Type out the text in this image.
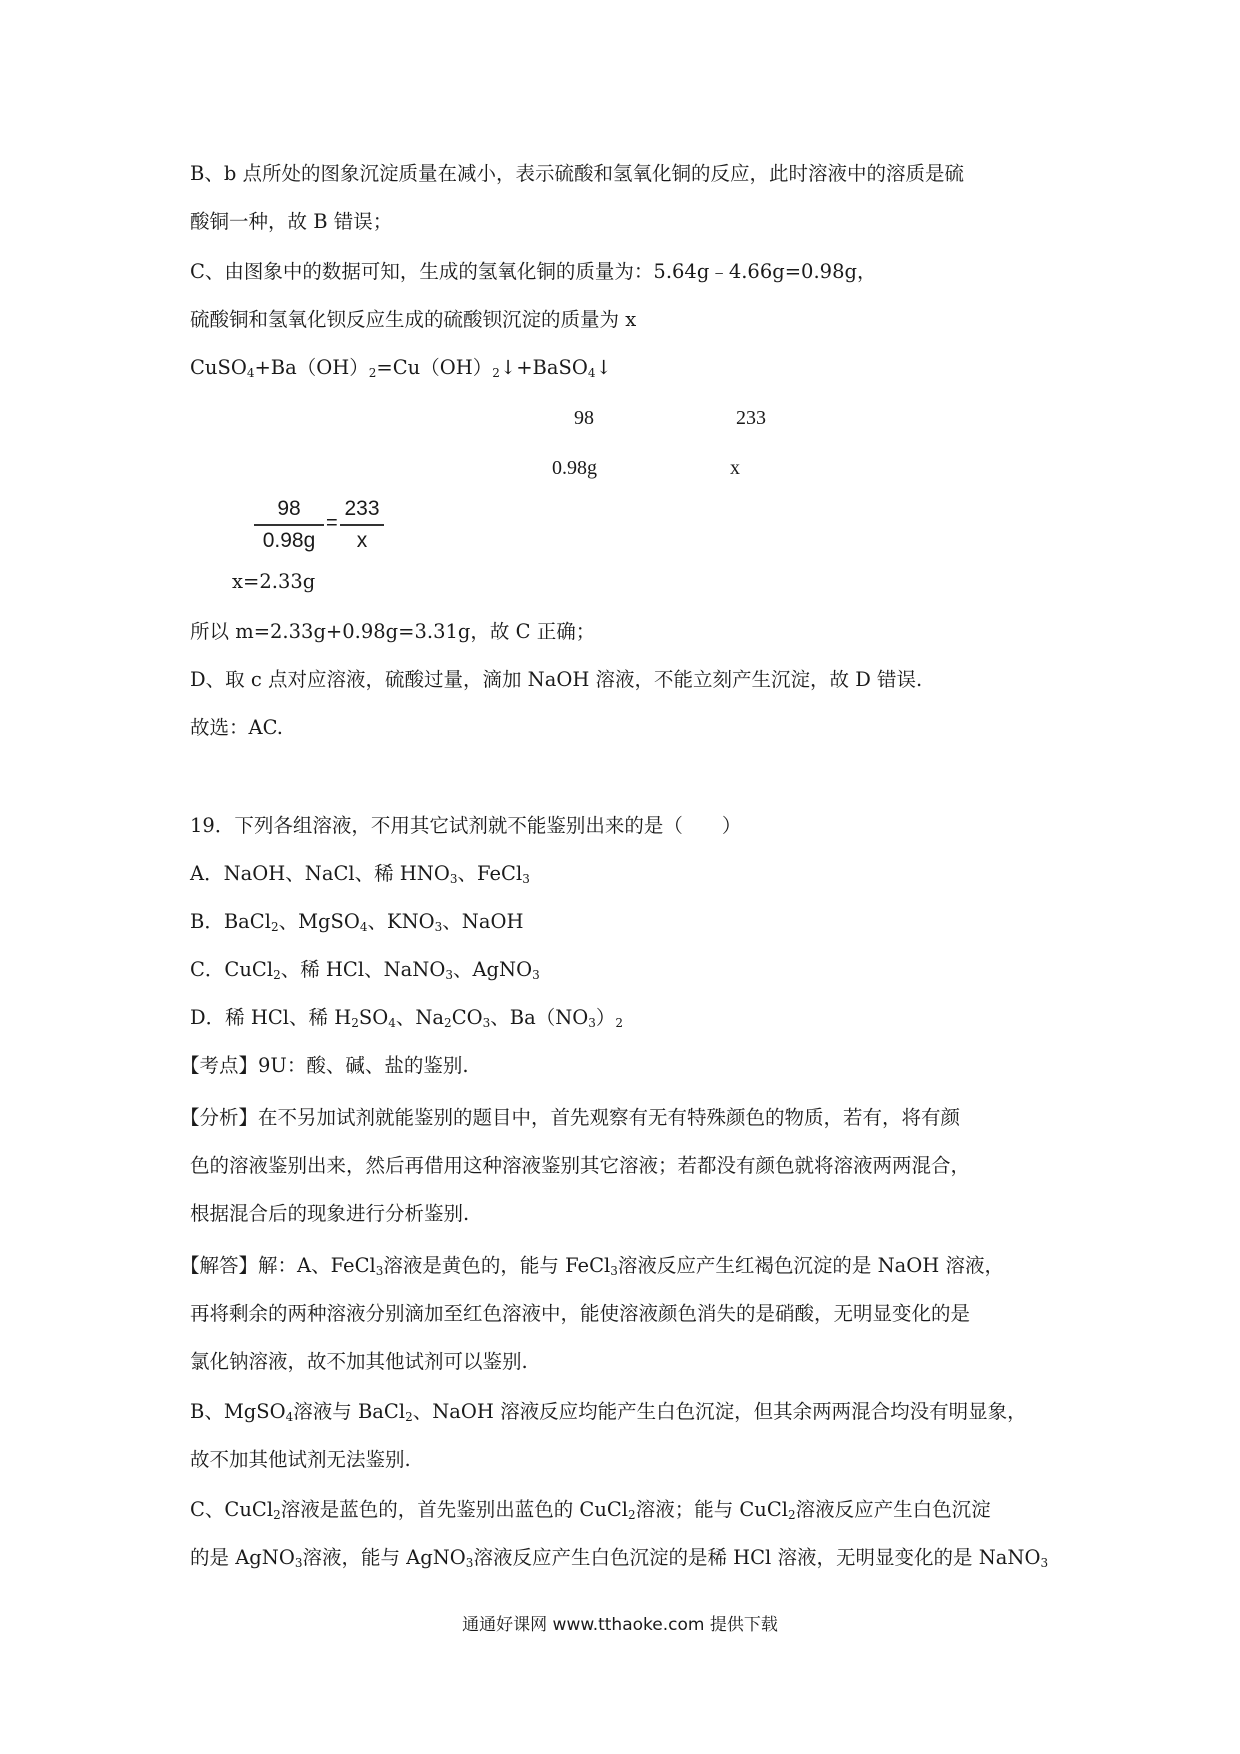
B、b 点所处的图象沉淀质量在减小，表示硫酸和氢氧化铜的反应，此时溶液中的溶质是硫
酸铜一种，故 B 错误；
C、由图象中的数据可知，生成的氢氧化铜的质量为：5.64g﹣4.66g=0.98g，
硫酸铜和氢氧化钡反应生成的硫酸钡沉淀的质量为 x
$CuSO_4+Ba(OH)_2=Cu(OH)_2↓+BaSO_4↓$
98	233
0.98g	x
98
0.98g
=
233
x
x=2.33g
所以 m=2.33g+0.98g=3.31g，故 C 正确；
D、取 c 点对应溶液，硫酸过量，滴加 NaOH 溶液，不能立刻产生沉淀，故 D 错误.
故选：AC.
19．下列各组溶液，不用其它试剂就不能鉴别出来的是（　　）
A．NaOH、NaCl、稀 $HNO_3$、FeCl$_3$
B．BaCl$_2$、MgSO$_4$、$KNO_3$、NaOH
C．CuCl$_2$、稀 HCl、NaNO$_3$、AgNO$_3$
D．稀 HCl、稀 $H_2SO_4$、$Na_2CO_3$、$Ba(NO_3)_2$
【考点】9U：酸、碱、盐的鉴别.
【分析】在不另加试剂就能鉴别的题目中，首先观察有无有特殊颜色的物质，若有，将有颜
色的溶液鉴别出来，然后再借用这种溶液鉴别其它溶液；若都没有颜色就将溶液两两混合，
根据混合后的现象进行分析鉴别.
【解答】解：A、FeCl$_3$溶液是黄色的，能与 FeCl$_3$溶液反应产生红褐色沉淀的是 NaOH 溶液，
再将剩余的两种溶液分别滴加至红色溶液中，能使溶液颜色消失的是硝酸，无明显变化的是
氯化钠溶液，故不加其他试剂可以鉴别.
B、MgSO$_4$溶液与 BaCl$_2$、NaOH 溶液反应均能产生白色沉淀，但其余两两混合均没有明显象，
故不加其他试剂无法鉴别.
C、CuCl$_2$溶液是蓝色的，首先鉴别出蓝色的 CuCl$_2$溶液；能与 CuCl$_2$溶液反应产生白色沉淀
的是 AgNO$_3$溶液，能与 AgNO$_3$溶液反应产生白色沉淀的是稀 HCl 溶液，无明显变化的是 NaNO$_3$
通通好课网 www.tthaoke.com 提供下载
